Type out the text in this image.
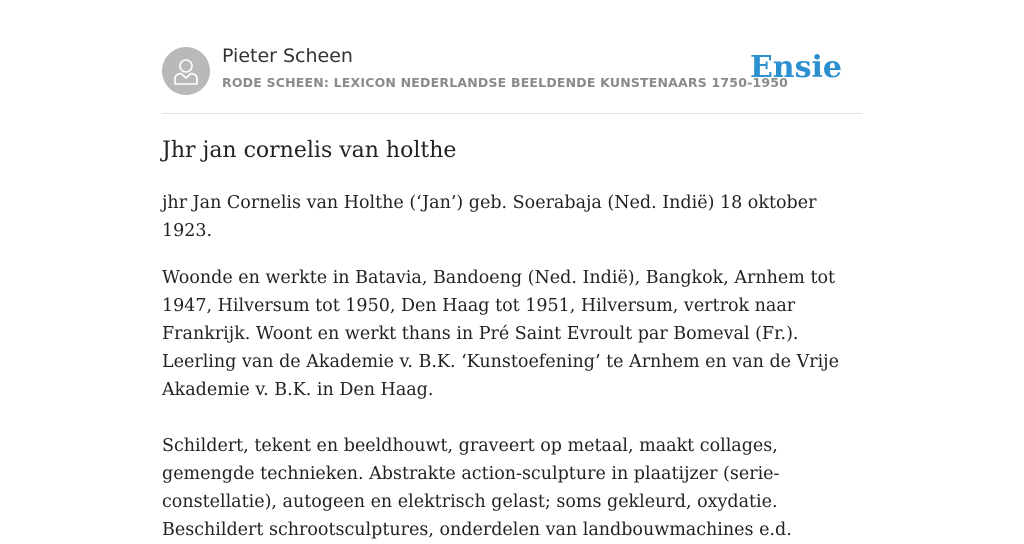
Pieter Scheen
RODE SCHEEN: LEXICON NEDERLANDSE BEELDENDE KUNSTENAARS 1750-1950
Ensie
Jhr jan cornelis van holthe

jhr Jan Cornelis van Holthe (‘Jan’) geb. Soerabaja (Ned. Indië) 18 oktober 1923.

Woonde en werkte in Batavia, Bandoeng (Ned. Indië), Bangkok, Arnhem tot 1947, Hilversum tot 1950, Den Haag tot 1951, Hilversum, vertrok naar Frankrijk. Woont en werkt thans in Pré Saint Evroult par Bomeval (Fr.). Leerling van de Akademie v. B.K. ‘Kunstoefening’ te Arnhem en van de Vrije Akademie v. B.K. in Den Haag.

Schildert, tekent en beeldhouwt, graveert op metaal, maakt collages, gemengde technieken. Abstrakte action-sculpture in plaatijzer (serie-constellatie), autogeen en elektrisch gelast; soms gekleurd, oxydatie. Beschildert schrootsculptures, onderdelen van landbouwmachines e.d.
